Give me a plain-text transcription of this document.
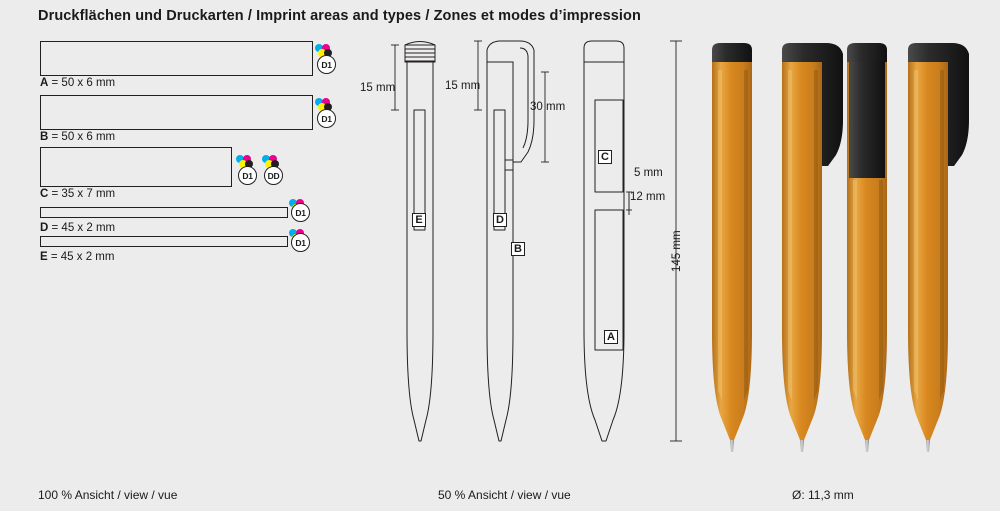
Druckflächen und Druckarten / Imprint areas and types / Zones et modes d’impression
A = 50 x 6 mm
D1
B = 50 x 6 mm
D1
C = 35 x 7 mm
D1	DD
D = 45 x 2 mm
D1
E = 45 x 2 mm
D1
15 mm	15 mm
30 mm
5 mm
12 mm
145 mm
E	D
C
B
A
100 % Ansicht / view / vue	50 % Ansicht / view / vue	Ø: 11,3 mm
